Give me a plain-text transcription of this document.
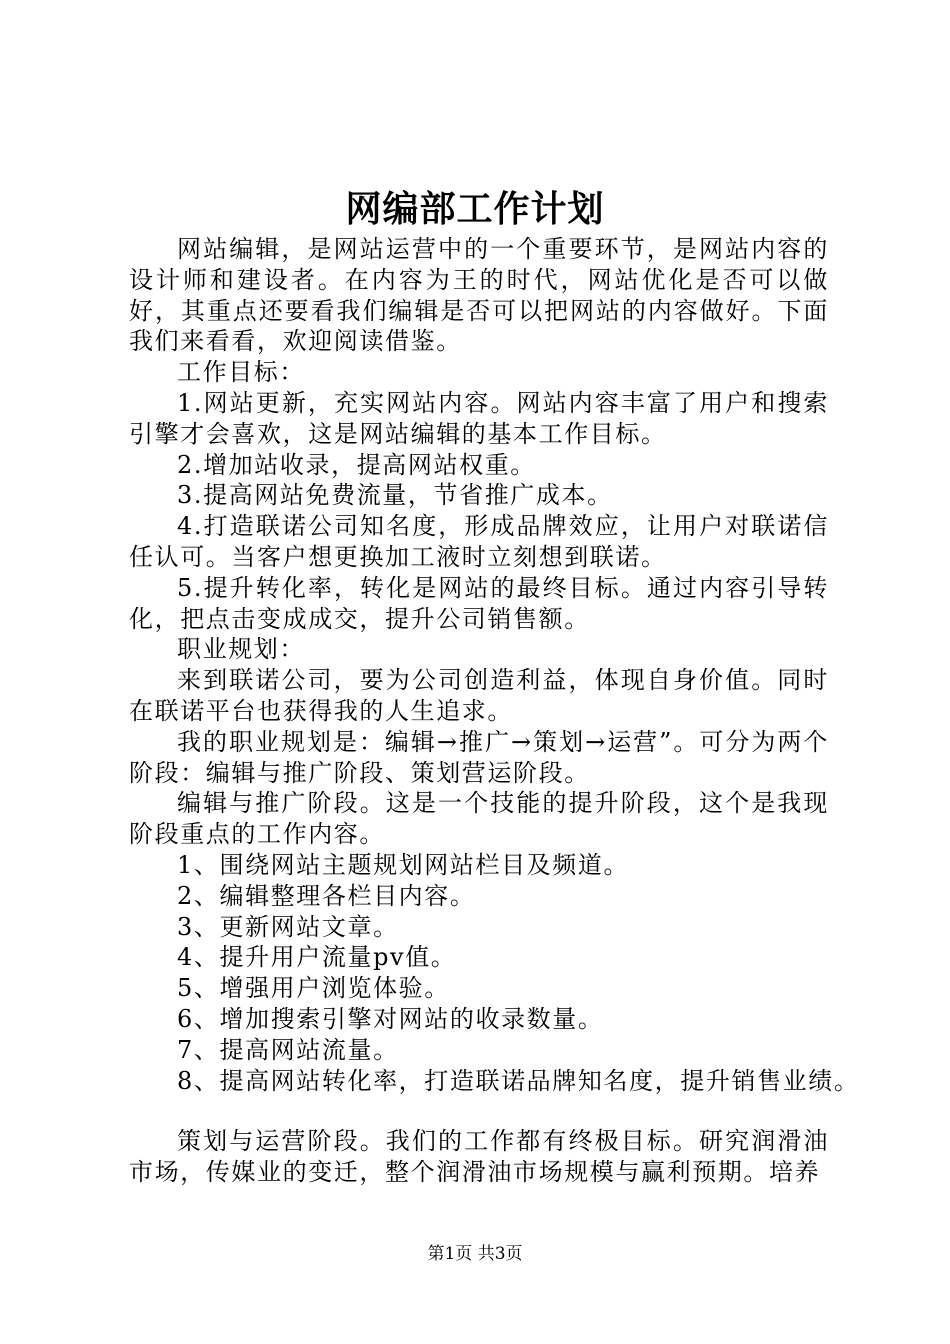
网编部工作计划

网站编辑，是网站运营中的一个重要环节，是网站内容的设计师和建设者。在内容为王的时代，网站优化是否可以做好，其重点还要看我们编辑是否可以把网站的内容做好。下面我们来看看，欢迎阅读借鉴。

工作目标：

1.网站更新，充实网站内容。网站内容丰富了用户和搜索引擎才会喜欢，这是网站编辑的基本工作目标。

2.增加站收录，提高网站权重。

3.提高网站免费流量，节省推广成本。

4.打造联诺公司知名度，形成品牌效应，让用户对联诺信任认可。当客户想更换加工液时立刻想到联诺。

5.提升转化率，转化是网站的最终目标。通过内容引导转化，把点击变成成交，提升公司销售额。

职业规划：

来到联诺公司，要为公司创造利益，体现自身价值。同时在联诺平台也获得我的人生追求。

我的职业规划是：编辑→推广→策划→运营”。可分为两个阶段：编辑与推广阶段、策划营运阶段。

编辑与推广阶段。这是一个技能的提升阶段，这个是我现阶段重点的工作内容。

1、围绕网站主题规划网站栏目及频道。

2、编辑整理各栏目内容。

3、更新网站文章。

4、提升用户流量pv值。

5、增强用户浏览体验。

6、增加搜索引擎对网站的收录数量。

7、提高网站流量。

8、提高网站转化率，打造联诺品牌知名度，提升销售业绩。

策划与运营阶段。我们的工作都有终极目标。研究润滑油市场，传媒业的变迁，整个润滑油市场规模与赢利预期。培养

第1页 共3页
